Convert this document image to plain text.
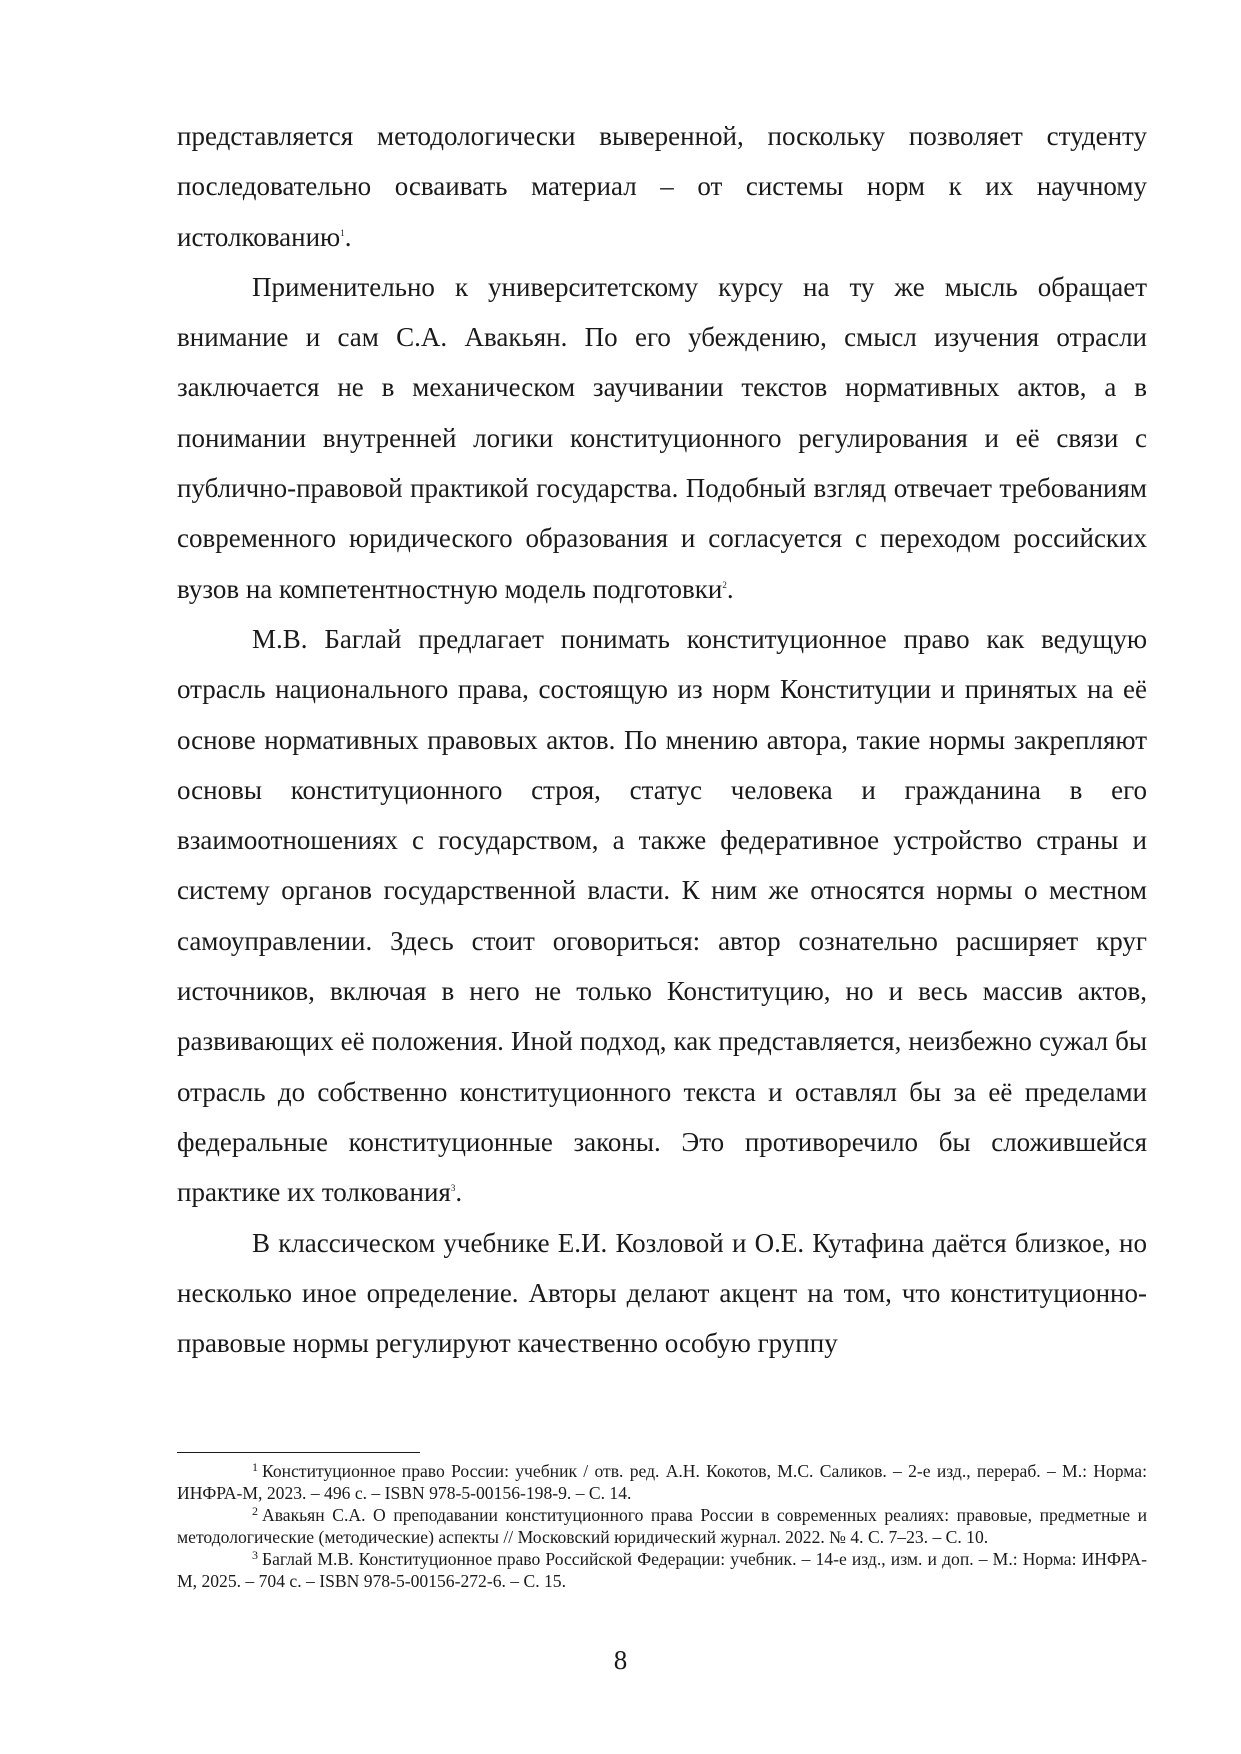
представляется методологически выверенной, поскольку позволяет студенту последовательно осваивать материал – от системы норм к их научному истолкованию$^1$.

Применительно к университетскому курсу на ту же мысль обращает внимание и сам С.А. Авакьян. По его убеждению, смысл изучения отрасли заключается не в механическом заучивании текстов нормативных актов, а в понимании внутренней логики конституционного регулирования и её связи с публично-правовой практикой государства. Подобный взгляд отвечает требованиям современного юридического образования и согласуется с переходом российских вузов на компетентностную модель подготовки$^2$.

М.В. Баглай предлагает понимать конституционное право как ведущую отрасль национального права, состоящую из норм Конституции и принятых на её основе нормативных правовых актов. По мнению автора, такие нормы закрепляют основы конституционного строя, статус человека и гражданина в его взаимоотношениях с государством, а также федеративное устройство страны и систему органов государственной власти. К ним же относятся нормы о местном самоуправлении. Здесь стоит оговориться: автор сознательно расширяет круг источников, включая в него не только Конституцию, но и весь массив актов, развивающих её положения. Иной подход, как представляется, неизбежно сужал бы отрасль до собственно конституционного текста и оставлял бы за её пределами федеральные конституционные законы. Это противоречило бы сложившейся практике их толкования$^3$.

В классическом учебнике Е.И. Козловой и О.Е. Кутафина даётся близкое, но несколько иное определение. Авторы делают акцент на том, что конституционно-правовые нормы регулируют качественно особую группу

$^1$ Конституционное право России: учебник / отв. ред. А.Н. Кокотов, М.С. Саликов. – 2-е изд., перераб. – М.: Норма: ИНФРА-М, 2023. – 496 с. – ISBN 978-5-00156-198-9. – С. 14.

$^2$ Авакьян С.А. О преподавании конституционного права России в современных реалиях: правовые, предметные и методологические (методические) аспекты // Московский юридический журнал. 2022. № 4. С. 7–23. – С. 10.

$^3$ Баглай М.В. Конституционное право Российской Федерации: учебник. – 14-е изд., изм. и доп. – М.: Норма: ИНФРА-М, 2025. – 704 с. – ISBN 978-5-00156-272-6. – С. 15.

8
